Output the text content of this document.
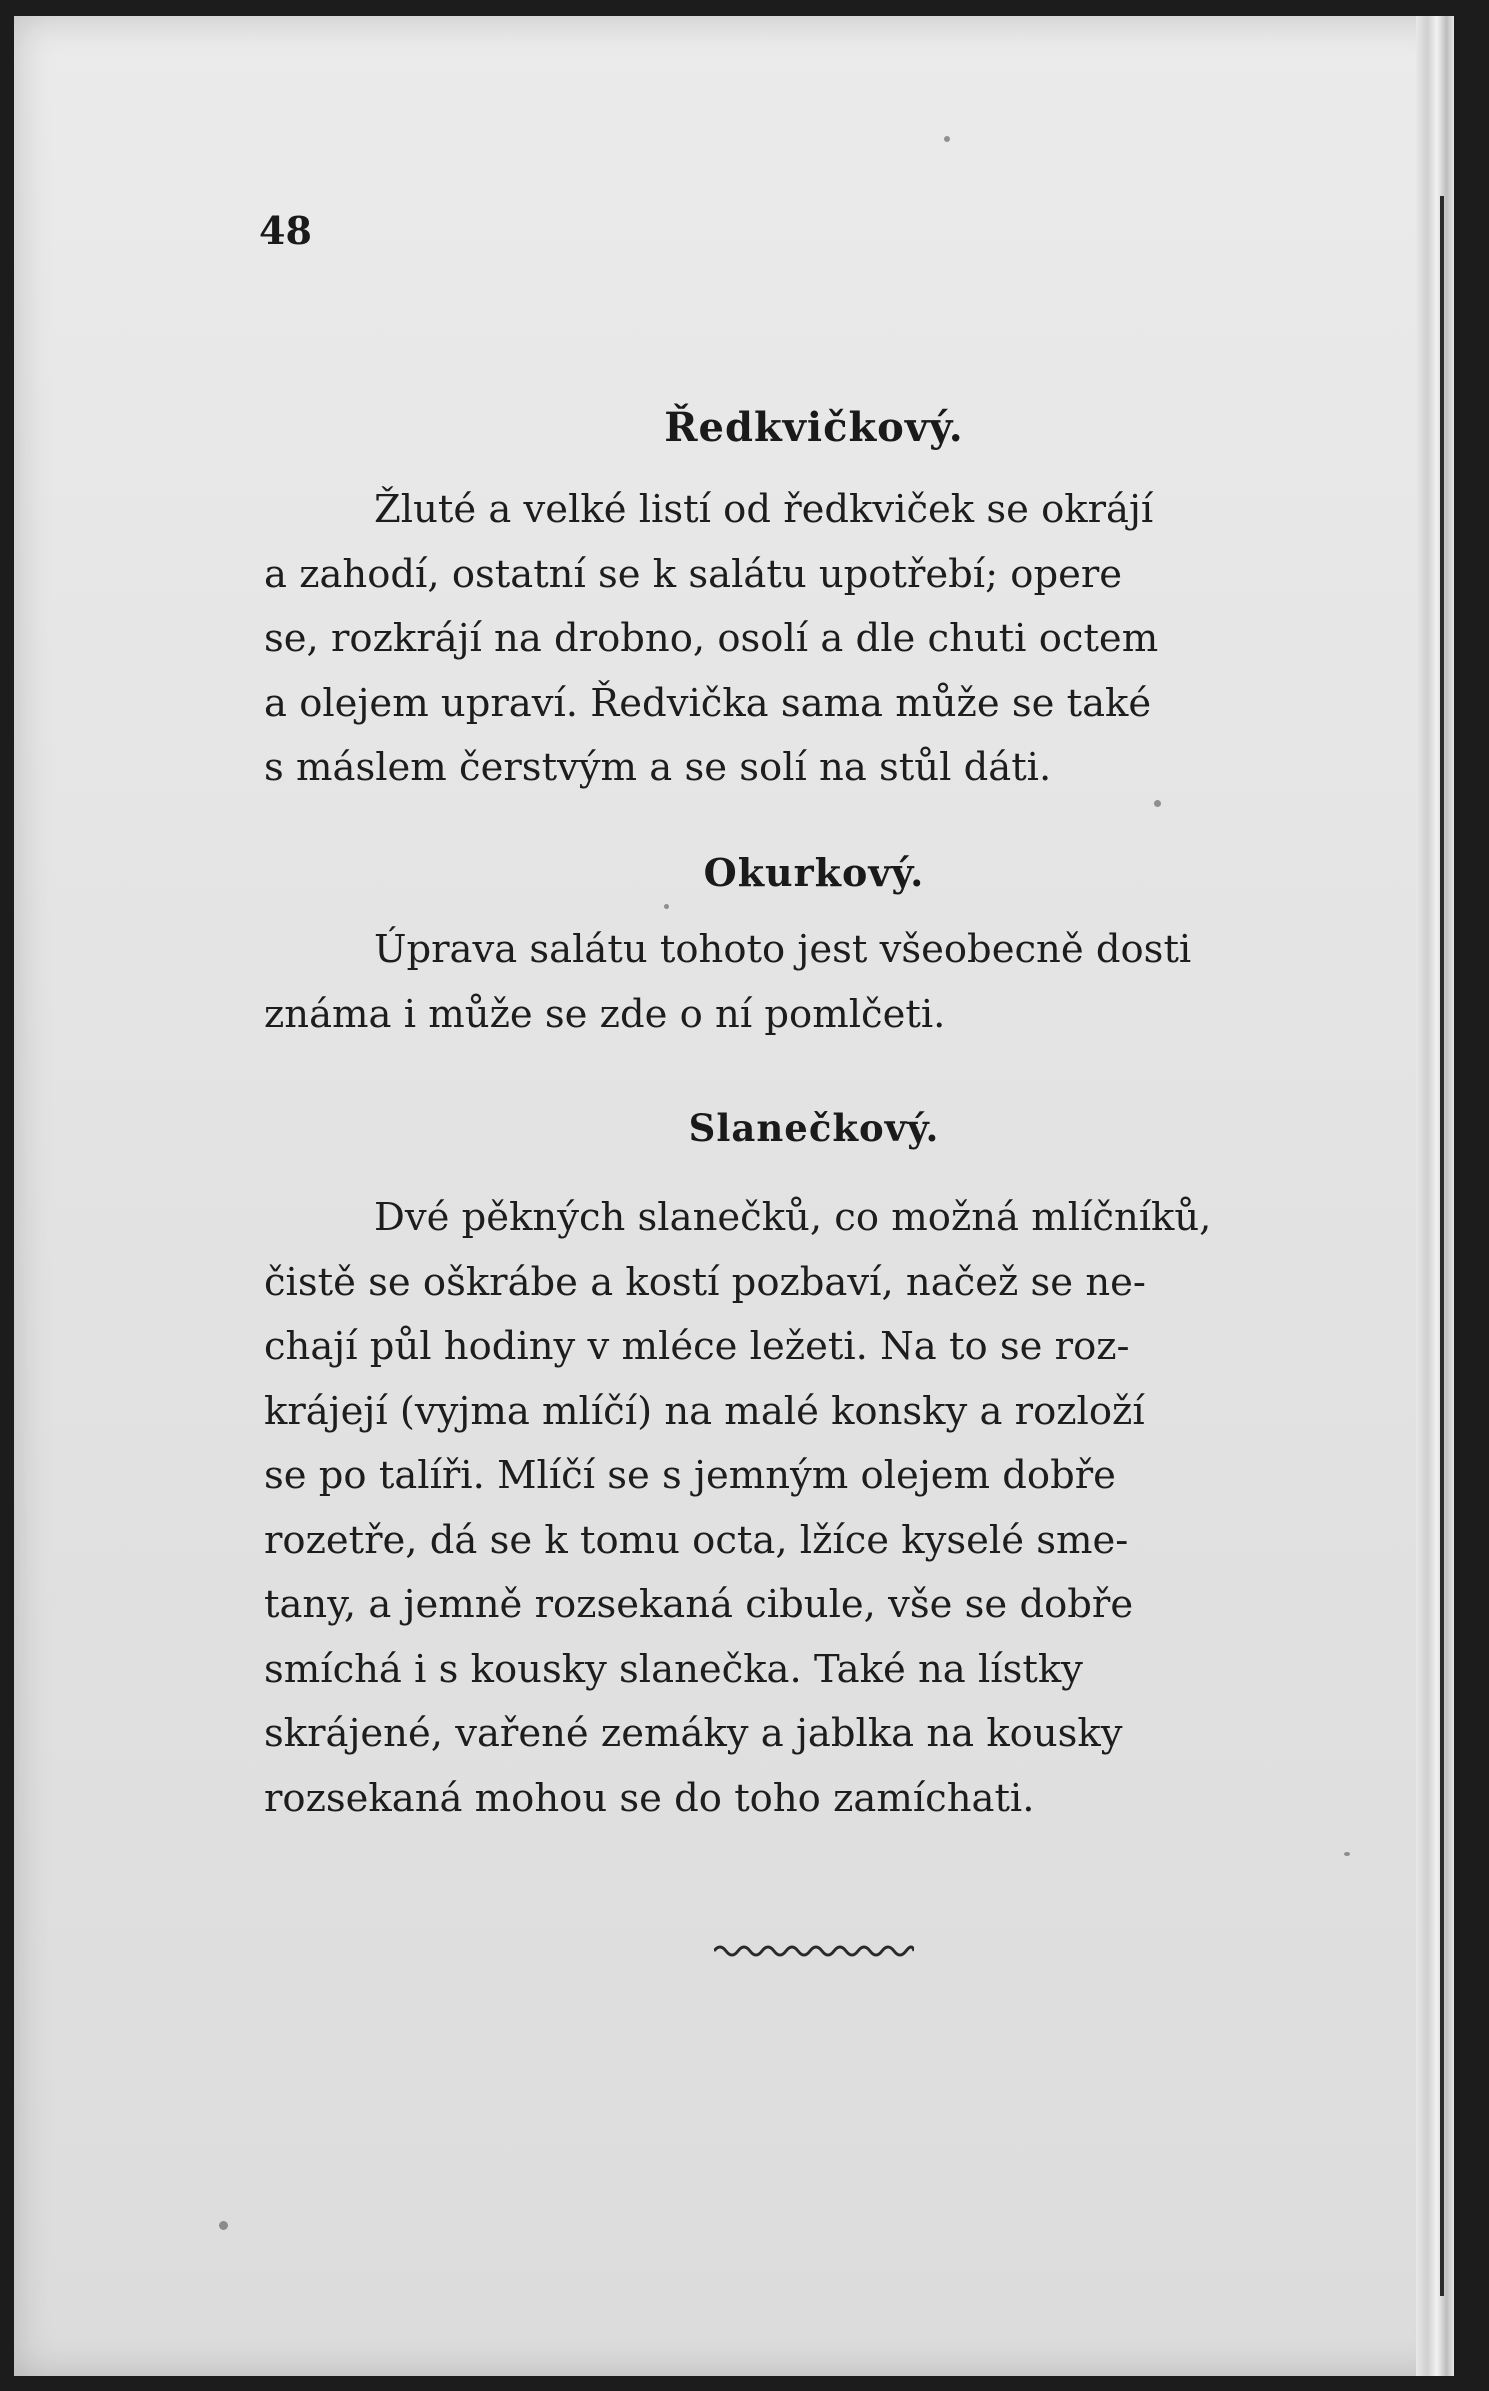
48
Ředkvičkový.
Žluté a velké listí od ředkviček se okrájí
a zahodí, ostatní se k salátu upotřebí; opere
se, rozkrájí na drobno, osolí a dle chuti octem
a olejem upraví. Ředvička sama může se také
s máslem čerstvým a se solí na stůl dáti.
Okurkový.
Úprava salátu tohoto jest všeobecně dosti
známa i může se zde o ní pomlčeti.
Slanečkový.
Dvé pěkných slanečků, co možná mlíčníků,
čistě se oškrábe a kostí pozbaví, načež se ne-
chají půl hodiny v mléce ležeti. Na to se roz-
krájejí (vyjma mlíčí) na malé konsky a rozloží
se po talíři. Mlíčí se s jemným olejem dobře
rozetře, dá se k tomu octa, lžíce kyselé sme-
tany, a jemně rozsekaná cibule, vše se dobře
smíchá i s kousky slanečka. Také na lístky
skrájené, vařené zemáky a jablka na kousky
rozsekaná mohou se do toho zamíchati.
